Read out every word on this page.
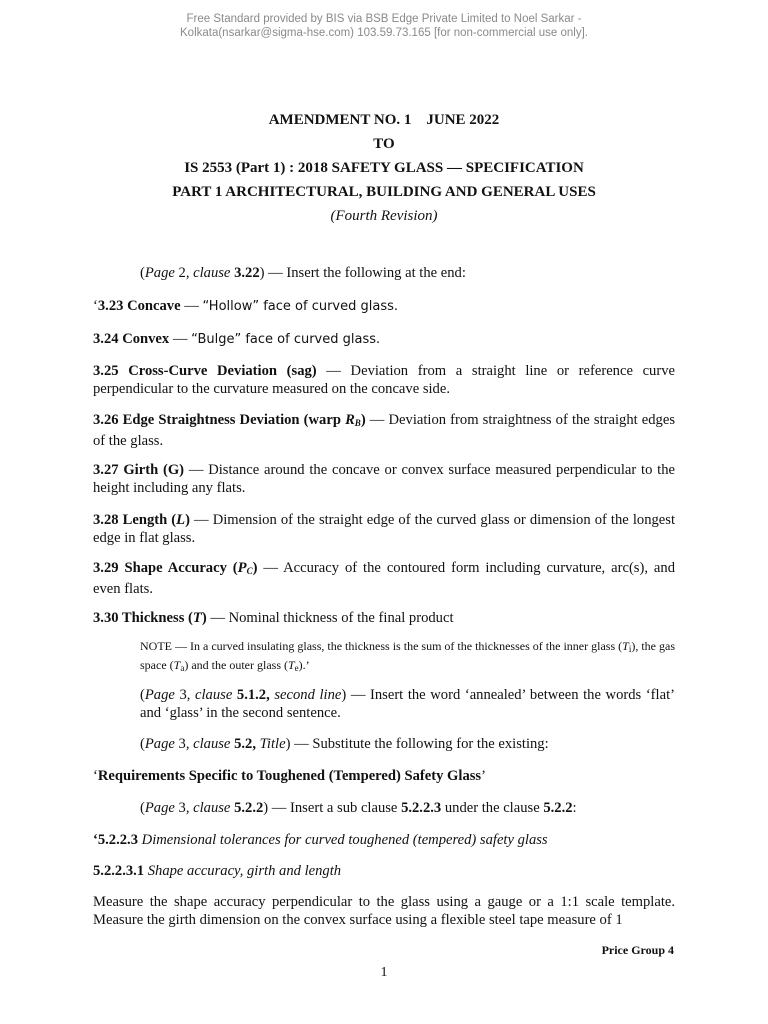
Free Standard provided by BIS via BSB Edge Private Limited to Noel Sarkar -
Kolkata(nsarkar@sigma-hse.com) 103.59.73.165 [for non-commercial use only].
AMENDMENT NO. 1 JUNE 2022
TO
IS 2553 (Part 1) : 2018 SAFETY GLASS — SPECIFICATION
PART 1 ARCHITECTURAL, BUILDING AND GENERAL USES
(Fourth Revision)
(Page 2, clause 3.22) — Insert the following at the end:
‘3.23 Concave — “Hollow” face of curved glass.
3.24 Convex — “Bulge” face of curved glass.
3.25 Cross-Curve Deviation (sag) — Deviation from a straight line or reference curve perpendicular to the curvature measured on the concave side.
3.26 Edge Straightness Deviation (warp $R_B$) — Deviation from straightness of the straight edges of the glass.
3.27 Girth (G) — Distance around the concave or convex surface measured perpendicular to the height including any flats.
3.28 Length (L) — Dimension of the straight edge of the curved glass or dimension of the longest edge in flat glass.
3.29 Shape Accuracy $(P_C)$ — Accuracy of the contoured form including curvature, arc(s), and even flats.
3.30 Thickness (T) — Nominal thickness of the final product
NOTE — In a curved insulating glass, the thickness is the sum of the thicknesses of the inner glass $(T_i)$, the gas space $(T_a)$ and the outer glass $(T_e)$.’
(Page 3, clause 5.1.2, second line) — Insert the word ‘annealed’ between the words ‘flat’ and ‘glass’ in the second sentence.
(Page 3, clause 5.2, Title) — Substitute the following for the existing:
‘Requirements Specific to Toughened (Tempered) Safety Glass’
(Page 3, clause 5.2.2) — Insert a sub clause 5.2.2.3 under the clause 5.2.2:
‘5.2.2.3 Dimensional tolerances for curved toughened (tempered) safety glass
5.2.2.3.1 Shape accuracy, girth and length
Measure the shape accuracy perpendicular to the glass using a gauge or a 1:1 scale template. Measure the girth dimension on the convex surface using a flexible steel tape measure of 1
Price Group 4
1
